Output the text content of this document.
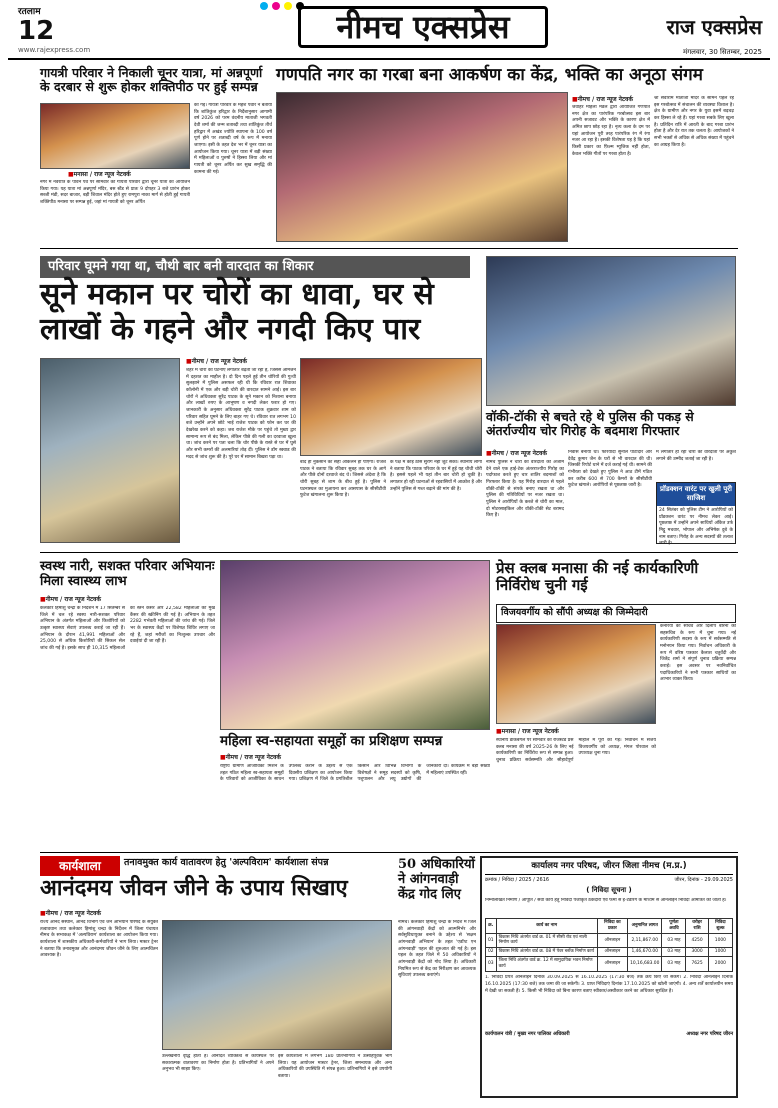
रतलाम
12
www.rajexpress.com
नीमच एक्सप्रेस	राज एक्सप्रेस
मंगलवार, 30 सितम्बर, 2025
गायत्री परिवार ने निकाली चूनर यात्रा, मां अन्नपूर्णा के दरबार से शुरू होकर शक्तिपीठ पर हुई सम्पन्न
■ मनासा / राज न्यूज नेटवर्क
नगर में नवरात्रि के पावन पर्व पर सोमवार को गायत्री परिवार द्वारा चूनर यात्रा का आयोजन किया गया। यह यात्रा मां अन्नपूर्णा मंदिर, बस स्टैंड से प्रातः 9 दोपहर 3 बजे प्रारंभ होकर सब्जी मंडी, सदर बाजार, बड़ी शिवाल मंदिर होते हुए रामपुरा नाका मार्ग से होती हुई गायत्री शक्तिपीठ मनासा पर सम्पन्न हुई, जहां मां गायत्री को चूनर अर्पित
की गई। गायत्री परिवार के महेश पंवार ने बताया कि शांतिकुंज हरिद्वार के निर्देशानुसार आगामी वर्ष 2026 को परम वंदनीय माताजी भगवती देवी शर्मा की जन्म शताब्दी तथा शांतिकुंज तीर्थ हरिद्वार में अखंड ज्योति स्थापना के 100 वर्ष पूर्ण होने पर शताब्दी वर्ष के रूप में मनाया जाएगा। इसी के तहत देश भर में चूनर यात्रा का आयोजन किया गया। चूनर यात्रा में बड़ी संख्या में महिलाओं व पुरुषों ने हिस्सा लिया और मां गायत्री को चूनर अर्पित कर सुख समृद्धि की कामना की गई।
गणपति नगर का गरबा बना आकर्षण का केंद्र, भक्ति का अनूठा संगम
■ नीमच / राज न्यूज नेटवर्क
जवाहर महिला मंडल द्वारा आयोजित गणपति नगर क्षेत्र का पारंपरिक गरबोत्सव इस बार अपनी सजावट और भक्ति के कारण क्षेत्र में अमित छाप छोड़ रहा है। नृत्य कला के दम पर यहां आयोजन पूरी तरह पारंपरिक रंग में रंगा नजर आ रहा है। इसकी विशेषता यह है कि यहां किसी प्रकार का फ़िल्म म्यूजिक नहीं होता, केवल भक्ति गीतों पर गरबा होता है।
श्री सेवाराम माताजी मंदिर के सामने पहले रहे इस गरबोत्सव में संचालन की व्यवस्था विशाल है। क्षेत्र के ग्रामीण और नगर के युवा इसमें बढ़चढ़ कर हिस्सा ले रहे हैं। यहां गरबा सबके लिए खुला है। प्रतिदिन रात्रि में आरती के बाद गरबा प्रारंभ होता है और देर रात तक चलता है। आयोजकों ने सभी भक्तों से अधिक से अधिक संख्या में पहुंचने का आग्रह किया है।
परिवार घूमने गया था, चौथी बार बनी वारदात का शिकार
सूने मकान पर चोरों का धावा, घर से लाखों के गहने और नगदी किए पार
■ नीमच / राज न्यूज नेटवर्क
शहर में चोरी की घटनाएं लगातार बढ़ती जा रही हैं, जिससे आमजन में दहशत का माहौल है। दो दिन पहले हुई तीन चोरियों की गुत्थी सुलझाने में पुलिस असफल रही थी कि रविवार रात शिवाका कॉलोनी में एक और बड़ी चोरी की वारदात सामने आई। इस बार चोरों ने अधिवक्ता सुरेंद्र पाटक के सूने मकान को निशाना बनाया और लाखों रुपए के आभूषण व नगदी लेकर फरार हो गए। जानकारी के अनुसार अधिवक्ता सुरेंद्र पाटक शुक्रवार शाम को परिवार सहित घूमने के लिए बाहर गए थे। रविवार रात लगभग 10 बजे उन्होंने अपने छोटे भाई राजेश पाटक को फोन कर घर की देखरेख करने को कहा। जब राजेश मौके पर पहुंचे तो मुख्य द्वार सामान्य रूप से बंद मिला, लेकिन पीछे की गली का दरवाजा खुला था। जांच करने पर पता चला कि चोर पीछे के रास्ते से घर में घुसे और सभी कमरों की अलमारियां तोड़ दीं। पुलिस ने डॉग स्क्वाड की मदद से जांच शुरू की है। पूरे घर में सामान बिखरा पड़ा था।
बाद ही नुकसान का सही आकलन हो पाएगा। राजेश पाटक ने बताया कि रविवार सुबह तक घर के आगे और पीछे दोनों दरवाजे बंद थे। जिससे अंदेशा है कि चोरी सुबह से शाम के बीच हुई है। पुलिस ने घटनास्थल का मुआयना कर आसपास के सीसीटीवी फुटेज खंगालना शुरू किया है।
के पक्ष में कोई ठोस सुराग नहीं जुट सका। स्थानीय लोगों ने बताया कि पाटक परिवार के घर में हुई यह चौथी चोरी है। इससे पहले भी यहां तीन बार चोरी हो चुकी है। लगातार हो रही घटनाओं से रहवासियों में आक्रोश है और उन्होंने पुलिस से गश्त बढ़ाने की मांग की है।
वॉकी-टॉकी से बचते रहे थे पुलिस की पकड़ से अंतर्राज्यीय चोर गिरोह के बदमाश गिरफ्तार
■ नीमच / राज न्यूज नेटवर्क
नीमच पुलिस ने चोरी की वारदातों को अंजाम देने वाले एक हाई-टेक अंतरराज्यीय गिरोह का पर्दाफाश करते हुए चार शातिर बदमाशों को गिरफ्तार किया है। यह गिरोह वारदात से पहले वॉकी-टॉकी से संपर्क बनाए रखता था और पुलिस की गतिविधियों पर नजर रखता था। पुलिस ने आरोपियों के कब्जे से चोरी का माल, दो मोटरसाइकिल और वॉकी-टॉकी सेट बरामद किए हैं।
निवास बनाया था। फरियादी सुनील पाटीदार और देवेंद्र कुमार जैन के घरों से भी वारदात की थी। जिसकी रिपोर्ट थाने में दर्ज कराई गई थी। सामने की गंभीरता को देखते हुए पुलिस ने आठ टीमें गठित कर करीब 600 से 700 कैमरों के सीसीटीवी फुटेज खंगाले। आरोपियों से पूछताछ जारी है।
में लगातार हो रही चोरी की वारदातों पर अंकुश लगाने की उम्मीद जताई जा रही है।
प्रॉडक्शन वारंट पर खुली पूरी साजिश
24 सितंबर को पुलिस टीम ने आरोपियों को प्रॉडक्शन वारंट पर नीमच लेकर आई। पूछताछ में उन्होंने अपने साथियों अंकित उर्फ मिट्ठू मचवार, भोपाल और अभिषेक दुबे के नाम बताए। गिरोह के अन्य सदस्यों की तलाश जारी है।
स्वस्थ नारी, सशक्त परिवार अभियानः मिला स्वास्थ्य लाभ
■ नीमच / राज न्यूज नेटवर्क
कलेक्टर हिमांशु चन्द्रा के निर्देशन में 17 सितम्बर से जिले में चल रहे स्वस्थ नारी-सशक्त परिवार अभियान के अंतर्गत महिलाओं और किशोरियों को उत्कृष्ट स्वास्थ्य सेवाएं उपलब्ध कराई जा रही हैं। अभियान के दौरान 41,991 महिलाओं और 25,000 से अधिक किशोरियों की सिकल सेल जांच की गई है। इसके साथ ही 10,315 महिलाओं की स्तन कैंसर और 22,582 महिलाओं की मुख कैंसर की स्क्रीनिंग की गई है। अभियान के तहत 2282 गर्भवती महिलाओं की जांच की गई। जिले भर के स्वास्थ्य केंद्रों पर विशेषज्ञ शिविर लगाए जा रहे हैं, जहां मरीजों का निःशुल्क उपचार और दवाईयां दी जा रही हैं।
महिला स्व-सहायता समूहों का प्रशिक्षण सम्पन्न
■ नीमच / राज न्यूज नेटवर्क
राष्ट्रीय ग्रामीण आजीविका मिशन के तहत गठित महिला स्व-सहायता समूहों के परिवारों को आजीविका के साधन उपलब्ध कराने के उद्देश्य से एक दिवसीय प्रशिक्षण का आयोजन किया गया। प्रशिक्षण में जिले के प्रगतिशील किसान और विभिन्न विभागों के विशेषज्ञों ने समूह सदस्यों को कृषि, पशुपालन और लघु उद्योगों की जानकारी दी। कार्यक्रम में बड़ी संख्या में महिलाएं उपस्थित रहीं।
प्रेस क्लब मनासा की नई कार्यकारिणी निर्विरोध चुनी गई
विजयवर्गीय को सौंपी अध्यक्ष की जिम्मेदारी
कनेरिया को सचिव और दिलीप बोरना को सहसचिव के रूप में चुना गया। नई कार्यकारिणी सदस्य के रूप में सर्वसम्मति से मनोनयन किया गया। निर्वाचन अधिकारी के रूप में वरिष्ठ पत्रकार कैलाश चतुर्वेदी और जितेंद्र शर्मा ने संपूर्ण चुनाव प्रक्रिया सम्पन्न कराई। इस अवसर पर नवनिर्वाचित पदाधिकारियों ने सभी पत्रकार साथियों का आभार व्यक्त किया।
■ मनासा / राज न्यूज नेटवर्क
स्थानीय डाकबंगले पर सोमवार को रजिस्टर्ड प्रेस क्लब मनासा की वर्ष 2025-26 के लिए नई कार्यकारिणी का निर्विरोध रूप से सम्पन्न हुआ। चुनाव प्रक्रिया सर्वसम्मति और सौहार्दपूर्ण माहौल में पूरी की गई। निर्वाचन में संजय विजयवर्गीय को अध्यक्ष, मंगल पोरवाल को उपाध्यक्ष चुना गया।
कार्यशाला	तनावमुक्त कार्य वातावरण हेतु 'अल्पविराम' कार्यशाला संपन्न
आनंदमय जीवन जीने के उपाय सिखाए
■ नीमच / राज न्यूज नेटवर्क
राज्य आनंद संस्थान, आनंद विभाग एवं जन अभियान परिषद के संयुक्त तत्वावधान तथा कलेक्टर हिमांशु चन्द्रा के निर्देशन में जिला पंचायत नीमच के सभाकक्ष में 'अल्पविराम' कार्यशाला का आयोजन किया गया। कार्यशाला में शासकीय अधिकारी-कर्मचारियों ने भाग लिया। मास्टर ट्रेनर ने बताया कि तनावमुक्त और आनंदमय जीवन जीने के लिए आत्मचिंतन आवश्यक है।
उल्लेखनीय वृद्धि होती है। आनंदित व्यक्तित्व से कार्यस्थल पर सकारात्मक वातावरण का निर्माण होता है। प्रतिभागियों ने अपने अनुभव भी साझा किए।
इस कार्यशाला में लगभग 180 प्रतिभागियों ने उत्साहपूर्वक भाग लिया। यह आयोजन मास्टर ट्रेनर, जिला समन्वयक और अन्य अधिकारियों की उपस्थिति में संपन्न हुआ। प्रतिभागियों ने इसे उपयोगी बताया।
50 अधिकारियों ने आंगनवाड़ी केंद्र गोद लिए
नीमच। कलेक्टर हिमांशु चन्द्रा के निर्देश में जिले की आंगनवाड़ी केंद्रों को आत्मनिर्भर और सर्वसुविधायुक्त बनाने के उद्देश्य से 'सक्षम आंगनवाड़ी अभियान' के तहत 'एडॉप्ट एन आंगनवाड़ी' पहल की शुरुआत की गई है। इस पहल के तहत जिले में 50 अधिकारियों ने आंगनवाड़ी केंद्रों को गोद लिया है। अधिकारी नियमित रूप से केंद्र का निरीक्षण कर आवश्यक सुविधाएं उपलब्ध कराएंगे।
कार्यालय नगर परिषद, जीरन जिला नीमच (म.प्र.)
क्रमांक / निविदा / 2025 / 2616	जीरन, दिनांक - 29.09.2025
( निविदा सूचना )
निम्नलिखित निर्माण / आपूर्ति / सेवा कार्य हेतु निविदा पंजीकृत ठेकेदारों एवं फर्मों से ई-टेंडरिंग के माध्यम से ऑनलाइन निविदा आमंत्रित की जाती है।
क्र.	कार्य का नाम	निविदा का प्रकार	अनुमानित लागत	पूर्णता अवधि	धरोहर राशि	निविदा शुल्क
01	विकास निधि अंतर्गत वार्ड क्र. 01 में सीसी रोड एवं नाली निर्माण कार्य	ऑनलाइन	2,11,867.00	03 माह	4250	1000
02	विकास निधि अंतर्गत वार्ड क्र. 08 में पेवर ब्लॉक निर्माण कार्य	ऑनलाइन	1,46,670.00	03 माह	3000	1000
03	जिला निधि अंतर्गत वार्ड क्र. 12 में सामुदायिक भवन निर्माण कार्य	ऑनलाइन	10,16,683.00	03 माह	7625	2000
1. निविदा प्रपत्र ऑनलाइन दिनांक 30.09.2025 से 16.10.2025 (17:30 बजे) तक क्रय किए जा सकेंगे। 2. निविदा ऑनलाइन दिनांक 16.10.2025 (17:30 बजे) तक जमा की जा सकेगी। 3. प्राप्त निविदाएं दिनांक 17.10.2025 को खोली जाएंगी। 4. अन्य शर्तें कार्यालयीन समय में देखी जा सकती हैं। 5. किसी भी निविदा को बिना कारण बताए स्वीकार/अस्वीकार करने का अधिकार सुरक्षित है।
कार्यपालन यंत्री / मुख्य नगर पालिका अधिकारी	अध्यक्ष नगर परिषद जीरन
